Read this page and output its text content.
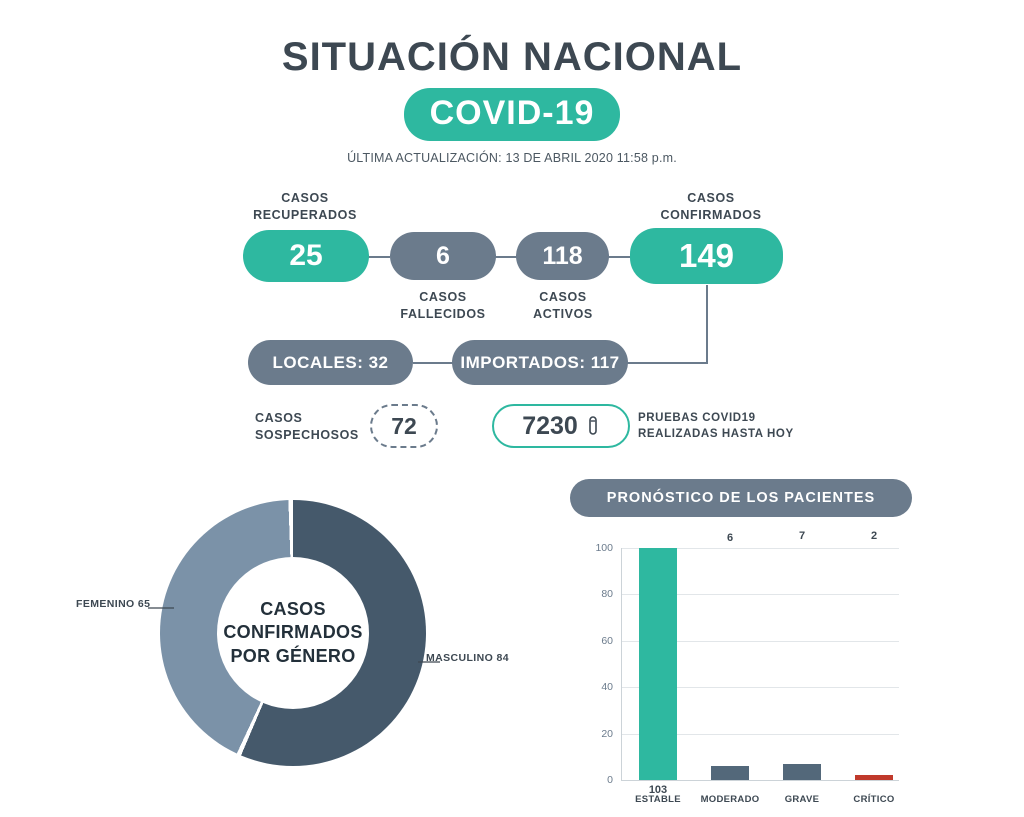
SITUACIÓN NACIONAL
COVID-19
ÚLTIMA ACTUALIZACIÓN: 13 DE ABRIL 2020 11:58 p.m.
CASOS
RECUPERADOS
CASOS
CONFIRMADOS
25	6	118	149
CASOS
FALLECIDOS
CASOS
ACTIVOS
LOCALES: 32	IMPORTADOS: 117
CASOS
SOSPECHOSOS 72	7230	PRUEBAS COVID19
REALIZADAS HASTA HOY
CASOS
CONFIRMADOS
POR GÉNERO
FEMENINO 65
MASCULINO 84
PRONÓSTICO DE LOS PACIENTES
0
20
40
60
80
100
103
ESTABLE
6
MODERADO
7
GRAVE
2
CRÍTICO
